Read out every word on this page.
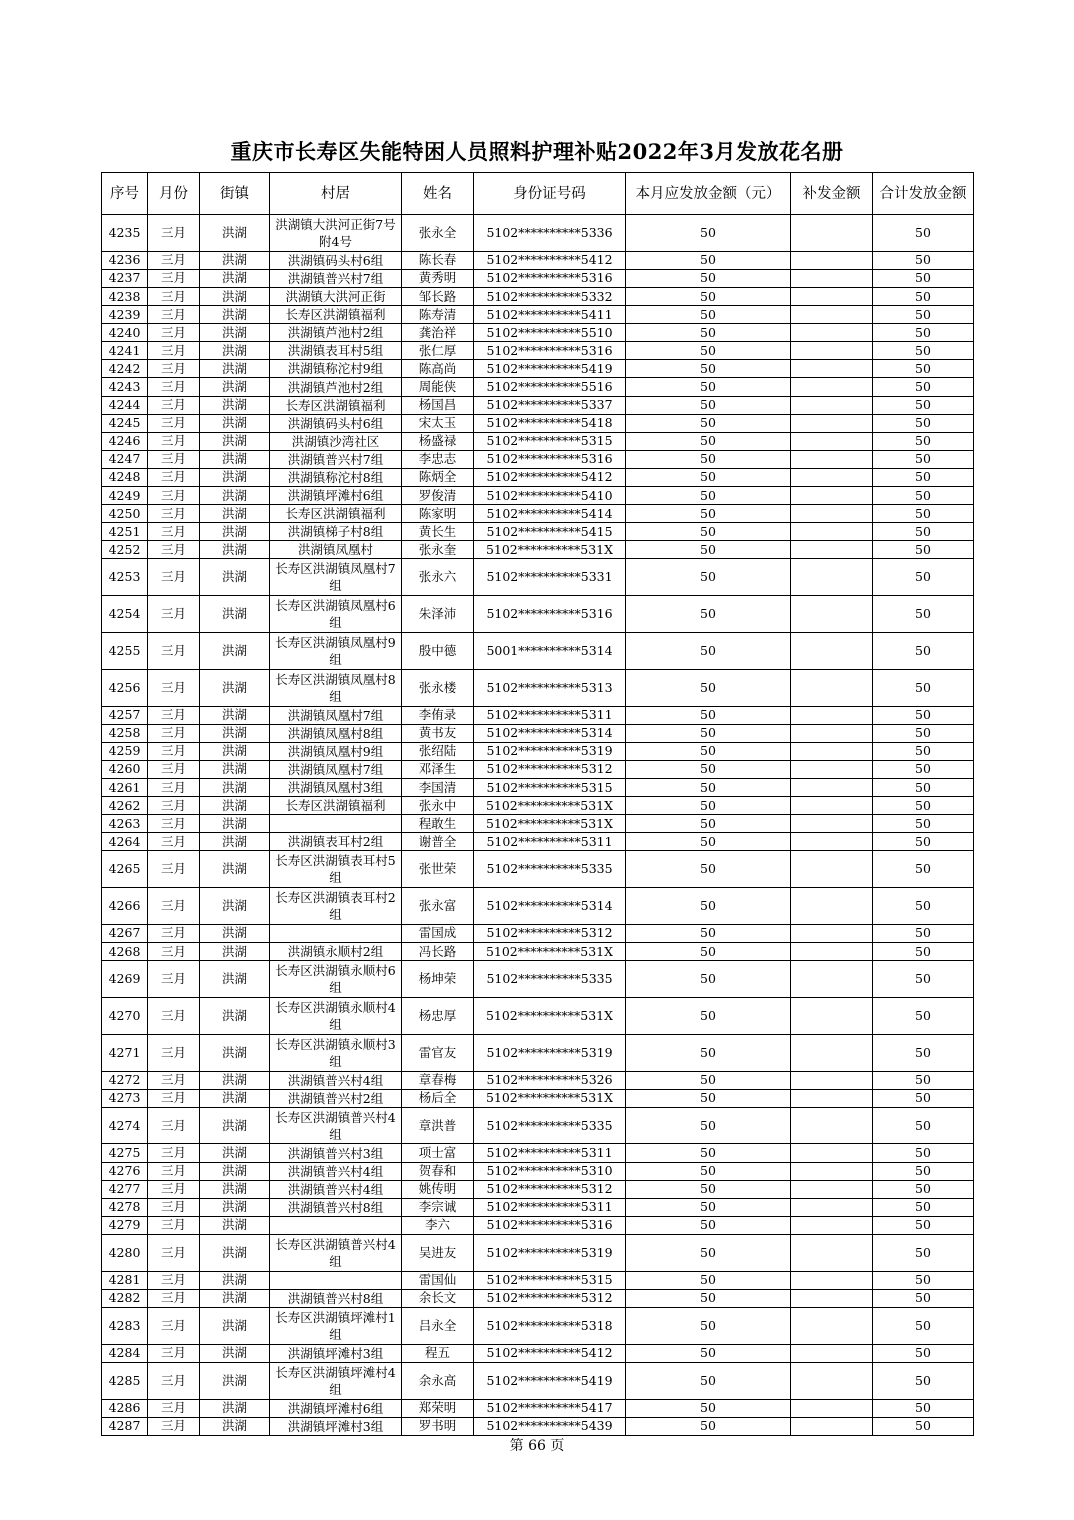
重庆市长寿区失能特困人员照料护理补贴2022年3月发放花名册
序号	月份	街镇	村居	姓名	身份证号码	本月应发放金额（元）	补发金额	合计发放金额
4235	三月	洪湖	洪湖镇大洪河正街7号附4号	张永全	5102**********5336	50		50
4236	三月	洪湖	洪湖镇码头村6组	陈长春	5102**********5412	50		50
4237	三月	洪湖	洪湖镇普兴村7组	黄秀明	5102**********5316	50		50
4238	三月	洪湖	洪湖镇大洪河正街	邹长路	5102**********5332	50		50
4239	三月	洪湖	长寿区洪湖镇福利	陈寿清	5102**********5411	50		50
4240	三月	洪湖	洪湖镇芦池村2组	龚治祥	5102**********5510	50		50
4241	三月	洪湖	洪湖镇表耳村5组	张仁厚	5102**********5316	50		50
4242	三月	洪湖	洪湖镇称沱村9组	陈高尚	5102**********5419	50		50
4243	三月	洪湖	洪湖镇芦池村2组	周能侠	5102**********5516	50		50
4244	三月	洪湖	长寿区洪湖镇福利	杨国昌	5102**********5337	50		50
4245	三月	洪湖	洪湖镇码头村6组	宋太玉	5102**********5418	50		50
4246	三月	洪湖	洪湖镇沙湾社区	杨盛禄	5102**********5315	50		50
4247	三月	洪湖	洪湖镇普兴村7组	李忠志	5102**********5316	50		50
4248	三月	洪湖	洪湖镇称沱村8组	陈炳全	5102**********5412	50		50
4249	三月	洪湖	洪湖镇坪滩村6组	罗俊清	5102**********5410	50		50
4250	三月	洪湖	长寿区洪湖镇福利	陈家明	5102**********5414	50		50
4251	三月	洪湖	洪湖镇梯子村8组	黄长生	5102**********5415	50		50
4252	三月	洪湖	洪湖镇凤凰村	张永奎	5102**********531X	50		50
4253	三月	洪湖	长寿区洪湖镇凤凰村7组	张永六	5102**********5331	50		50
4254	三月	洪湖	长寿区洪湖镇凤凰村6组	朱泽沛	5102**********5316	50		50
4255	三月	洪湖	长寿区洪湖镇凤凰村9组	殷中德	5001**********5314	50		50
4256	三月	洪湖	长寿区洪湖镇凤凰村8组	张永楼	5102**********5313	50		50
4257	三月	洪湖	洪湖镇凤凰村7组	李侑录	5102**********5311	50		50
4258	三月	洪湖	洪湖镇凤凰村8组	黄书友	5102**********5314	50		50
4259	三月	洪湖	洪湖镇凤凰村9组	张绍陆	5102**********5319	50		50
4260	三月	洪湖	洪湖镇凤凰村7组	邓泽生	5102**********5312	50		50
4261	三月	洪湖	洪湖镇凤凰村3组	李国清	5102**********5315	50		50
4262	三月	洪湖	长寿区洪湖镇福利	张永中	5102**********531X	50		50
4263	三月	洪湖		程敢生	5102**********531X	50		50
4264	三月	洪湖	洪湖镇表耳村2组	谢普全	5102**********5311	50		50
4265	三月	洪湖	长寿区洪湖镇表耳村5组	张世荣	5102**********5335	50		50
4266	三月	洪湖	长寿区洪湖镇表耳村2组	张永富	5102**********5314	50		50
4267	三月	洪湖		雷国成	5102**********5312	50		50
4268	三月	洪湖	洪湖镇永顺村2组	冯长路	5102**********531X	50		50
4269	三月	洪湖	长寿区洪湖镇永顺村6组	杨坤荣	5102**********5335	50		50
4270	三月	洪湖	长寿区洪湖镇永顺村4组	杨忠厚	5102**********531X	50		50
4271	三月	洪湖	长寿区洪湖镇永顺村3组	雷官友	5102**********5319	50		50
4272	三月	洪湖	洪湖镇普兴村4组	章春梅	5102**********5326	50		50
4273	三月	洪湖	洪湖镇普兴村2组	杨后全	5102**********531X	50		50
4274	三月	洪湖	长寿区洪湖镇普兴村4组	章洪普	5102**********5335	50		50
4275	三月	洪湖	洪湖镇普兴村3组	项士富	5102**********5311	50		50
4276	三月	洪湖	洪湖镇普兴村4组	贺春和	5102**********5310	50		50
4277	三月	洪湖	洪湖镇普兴村4组	姚传明	5102**********5312	50		50
4278	三月	洪湖	洪湖镇普兴村8组	李宗诚	5102**********5311	50		50
4279	三月	洪湖		李六	5102**********5316	50		50
4280	三月	洪湖	长寿区洪湖镇普兴村4组	吴进友	5102**********5319	50		50
4281	三月	洪湖		雷国仙	5102**********5315	50		50
4282	三月	洪湖	洪湖镇普兴村8组	余长文	5102**********5312	50		50
4283	三月	洪湖	长寿区洪湖镇坪滩村1组	吕永全	5102**********5318	50		50
4284	三月	洪湖	洪湖镇坪滩村3组	程五	5102**********5412	50		50
4285	三月	洪湖	长寿区洪湖镇坪滩村4组	余永高	5102**********5419	50		50
4286	三月	洪湖	洪湖镇坪滩村6组	郑荣明	5102**********5417	50		50
4287	三月	洪湖	洪湖镇坪滩村3组	罗书明	5102**********5439	50		50
第 66 页
